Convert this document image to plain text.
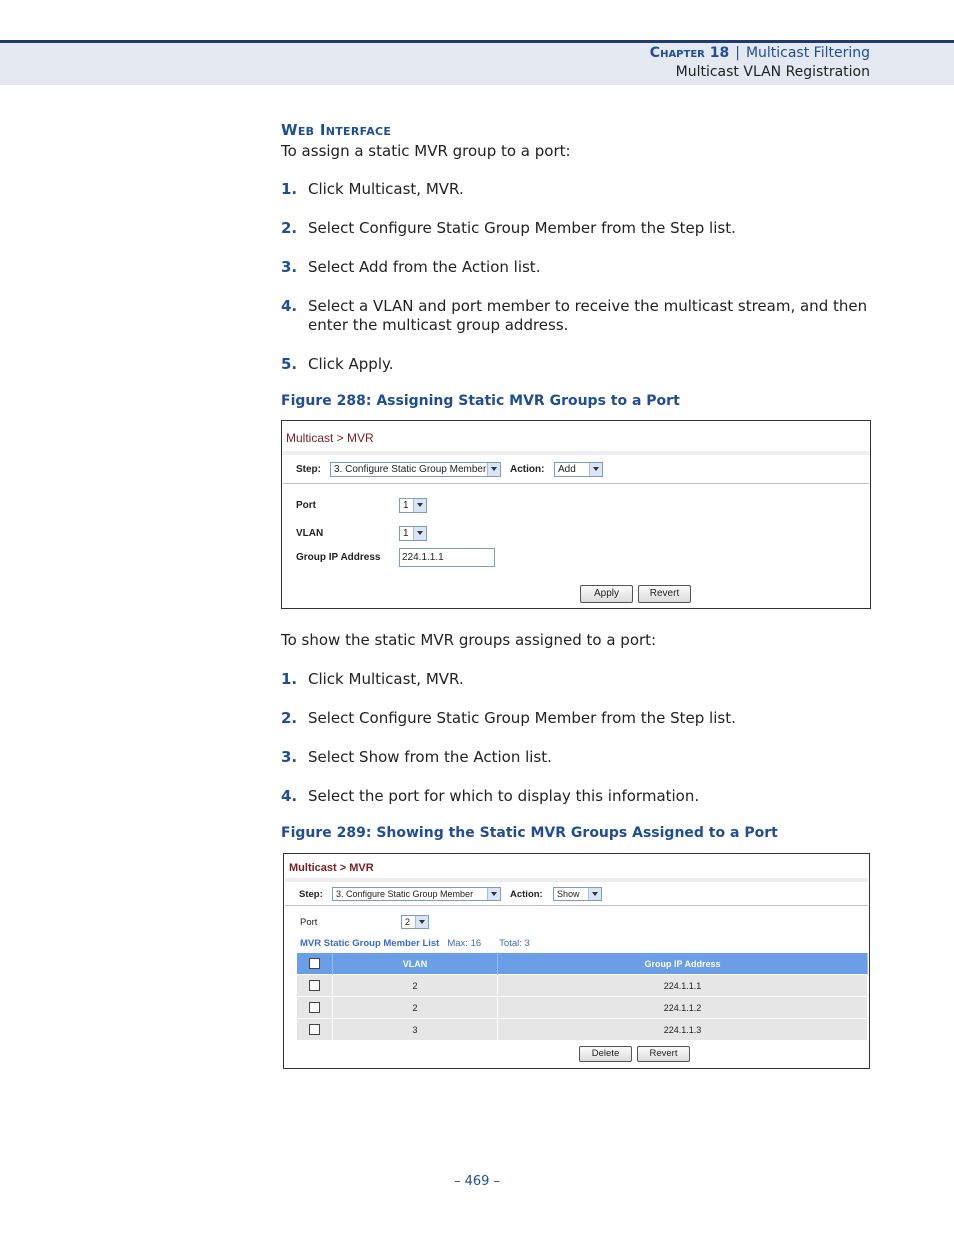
Chapter 18 | Multicast Filtering
Multicast VLAN Registration
Web Interface
To assign a static MVR group to a port:
1. Click Multicast, MVR.
2. Select Configure Static Group Member from the Step list.
3. Select Add from the Action list.
4. Select a VLAN and port member to receive the multicast stream, and then enter the multicast group address.
5. Click Apply.
Figure 288: Assigning Static MVR Groups to a Port
Multicast > MVR
Step: 3. Configure Static Group Member Action: Add
Port	1
VLAN	1
Group IP Address	224.1.1.1
Apply	Revert
To show the static MVR groups assigned to a port:
1. Click Multicast, MVR.
2. Select Configure Static Group Member from the Step list.
3. Select Show from the Action list.
4. Select the port for which to display this information.
Figure 289: Showing the Static MVR Groups Assigned to a Port
Multicast > MVR
Step: 3. Configure Static Group Member	Action: Show
Port	2
MVR Static Group Member List Max: 16 Total: 3
	VLAN	Group IP Address
	2	224.1.1.1
	2	224.1.1.2
	3	224.1.1.3
Delete	Revert
– 469 –
